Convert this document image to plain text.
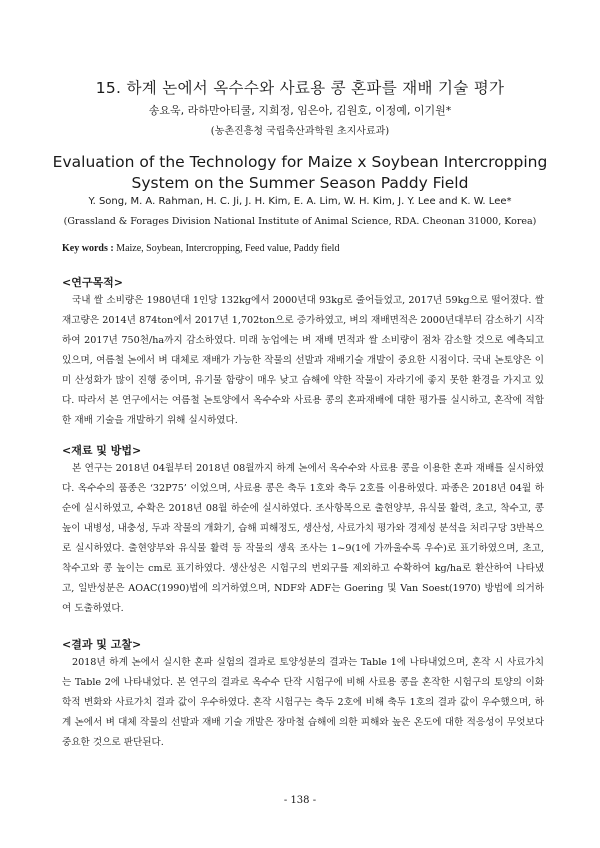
15. 하계 논에서 옥수수와 사료용 콩 혼파를 재배 기술 평가
송요욱, 라하만아티쿨, 지희정, 임은아, 김원호, 이정예, 이기원*
(농촌진흥청 국립축산과학원 초지사료과)
Evaluation of the Technology for Maize x Soybean Intercropping
System on the Summer Season Paddy Field
Y. Song, M. A. Rahman, H. C. Ji, J. H. Kim, E. A. Lim, W. H. Kim, J. Y. Lee and K. W. Lee*
(Grassland & Forages Division National Institute of Animal Science, RDA. Cheonan 31000, Korea)
Key words : Maize, Soybean, Intercropping, Feed value, Paddy field
<연구목적>
국내 쌀 소비량은 1980년대 1인당 132kg에서 2000년대 93kg로 줄어들었고, 2017년 59kg으로 떨어졌다. 쌀 재고량은 2014년 874ton에서 2017년 1,702ton으로 증가하였고, 벼의 재배면적은 2000년대부터 감소하기 시작하여 2017년 750천/ha까지 감소하였다. 미래 농업에는 벼 재배 면적과 쌀 소비량이 점차 감소할 것으로 예측되고 있으며, 여름철 논에서 벼 대체로 재배가 가능한 작물의 선발과 재배기술 개발이 중요한 시점이다. 국내 논토양은 이미 산성화가 많이 진행 중이며, 유기물 함량이 매우 낮고 습해에 약한 작물이 자라기에 좋지 못한 환경을 가지고 있다. 따라서 본 연구에서는 여름철 논토양에서 옥수수와 사료용 콩의 혼파재배에 대한 평가를 실시하고, 혼작에 적합한 재배 기술을 개발하기 위해 실시하였다.
<재료 및 방법>
본 연구는 2018년 04월부터 2018년 08월까지 하계 논에서 옥수수와 사료용 콩을 이용한 혼파 재배를 실시하였다. 옥수수의 품종은 ‘32P75’ 이었으며, 사료용 콩은 축두 1호와 축두 2호를 이용하였다. 파종은 2018년 04월 하순에 실시하였고, 수확은 2018년 08월 하순에 실시하였다. 조사항목으로 출현양부, 유식물 활력, 초고, 착수고, 콩 높이 내병성, 내충성, 두과 작물의 개화기, 습해 피해정도, 생산성, 사료가치 평가와 경제성 분석을 처리구당 3반복으로 실시하였다. 출현양부와 유식물 활력 등 작물의 생육 조사는 1~9(1에 가까울수록 우수)로 표기하였으며, 초고, 착수고와 콩 높이는 cm로 표기하였다. 생산성은 시험구의 번외구를 제외하고 수확하여 kg/ha로 환산하여 나타냈고, 일반성분은 AOAC(1990)법에 의거하였으며, NDF와 ADF는 Goering 및 Van Soest(1970) 방법에 의거하여 도출하였다.
<결과 및 고찰>
2018년 하계 논에서 실시한 혼파 실험의 결과로 토양성분의 결과는 Table 1에 나타내었으며, 혼작 시 사료가치는 Table 2에 나타내었다. 본 연구의 결과로 옥수수 단작 시험구에 비해 사료용 콩을 혼작한 시험구의 토양의 이화학적 변화와 사료가치 결과 값이 우수하였다. 혼작 시험구는 축두 2호에 비해 축두 1호의 결과 값이 우수했으며, 하계 논에서 벼 대체 작물의 선발과 재배 기술 개발은 장마철 습해에 의한 피해와 높은 온도에 대한 적응성이 무엇보다 중요한 것으로 판단된다.
- 138 -
